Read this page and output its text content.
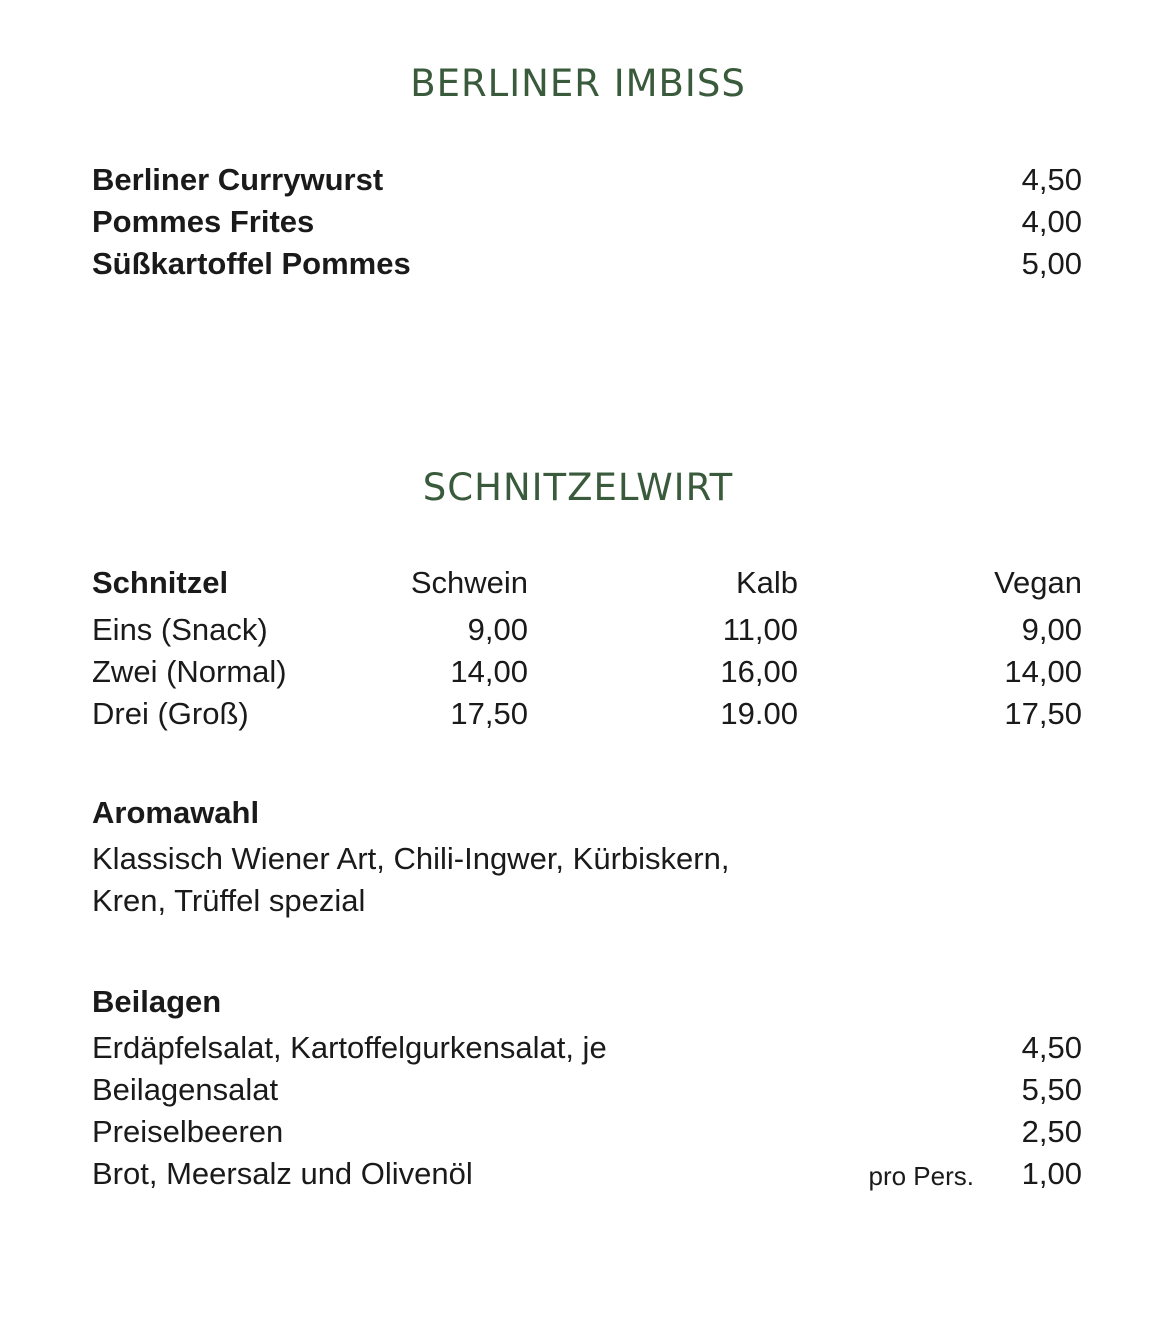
BERLINER IMBISS
Berliner Currywurst	4,50
Pommes Frites	4,00
Süßkartoffel Pommes	5,00
SCHNITZELWIRT
Schnitzel	Schwein	Kalb	Vegan
Eins (Snack)	9,00	11,00	9,00
Zwei (Normal)	14,00	16,00	14,00
Drei (Groß)	17,50	19.00	17,50
Aromawahl
Klassisch Wiener Art, Chili-Ingwer, Kürbiskern,
Kren, Trüffel spezial
Beilagen
Erdäpfelsalat, Kartoffelgurkensalat, je	4,50
Beilagensalat	5,50
Preiselbeeren	2,50
Brot, Meersalz und Olivenöl	pro Pers. 1,00
